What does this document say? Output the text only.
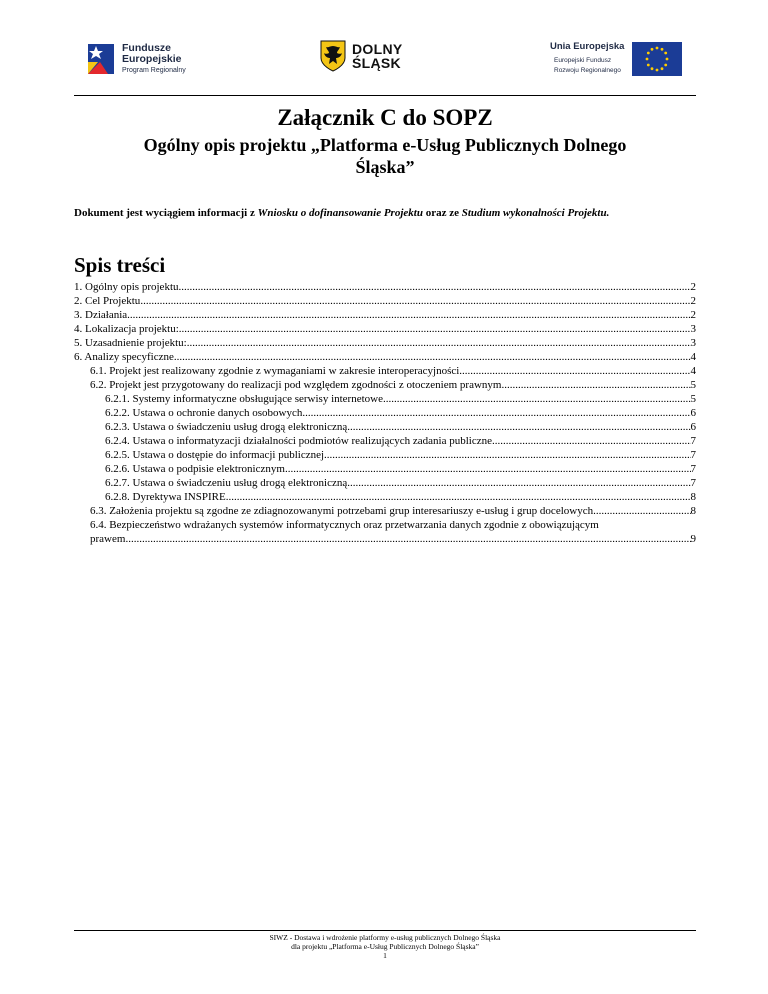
Fundusze
Europejskie
Program Regionalny
DOLNY
ŚLĄSK
Unia Europejska
Europejski Fundusz
Rozwoju Regionalnego
Załącznik C do SOPZ
Ogólny opis projektu „Platforma e-Usług Publicznych Dolnego Śląska”
Dokument jest wyciągiem informacji z Wniosku o dofinansowanie Projektu oraz ze Studium wykonalności Projektu.
Spis treści
1. Ogólny opis projektu .....	2
2. Cel Projektu .....	2
3. Działania .....	2
4. Lokalizacja projektu: .....	3
5. Uzasadnienie projektu: .....	3
6. Analizy specyficzne .....	4
6.1. Projekt jest realizowany zgodnie z wymaganiami w zakresie interoperacyjności .....	4
6.2. Projekt jest przygotowany do realizacji pod względem zgodności z otoczeniem prawnym .....	5
6.2.1. Systemy informatyczne obsługujące serwisy internetowe .....	5
6.2.2. Ustawa o ochronie danych osobowych .....	6
6.2.3. Ustawa o świadczeniu usług drogą elektroniczną .....	6
6.2.4. Ustawa o informatyzacji działalności podmiotów realizujących zadania publiczne .....	7
6.2.5. Ustawa o dostępie do informacji publicznej .....	7
6.2.6. Ustawa o podpisie elektronicznym .....	7
6.2.7. Ustawa o świadczeniu usług drogą elektroniczną .....	7
6.2.8. Dyrektywa INSPIRE .....	8
6.3. Założenia projektu są zgodne ze zdiagnozowanymi potrzebami grup interesariuszy e-usług i grup docelowych .....	8
6.4. Bezpieczeństwo wdrażanych systemów informatycznych oraz przetwarzania danych zgodnie z obowiązującym
prawem .....	9
SIWZ - Dostawa i wdrożenie platformy e-usług publicznych Dolnego Śląska
dla projektu „Platforma e-Usług Publicznych Dolnego Śląska”
1
